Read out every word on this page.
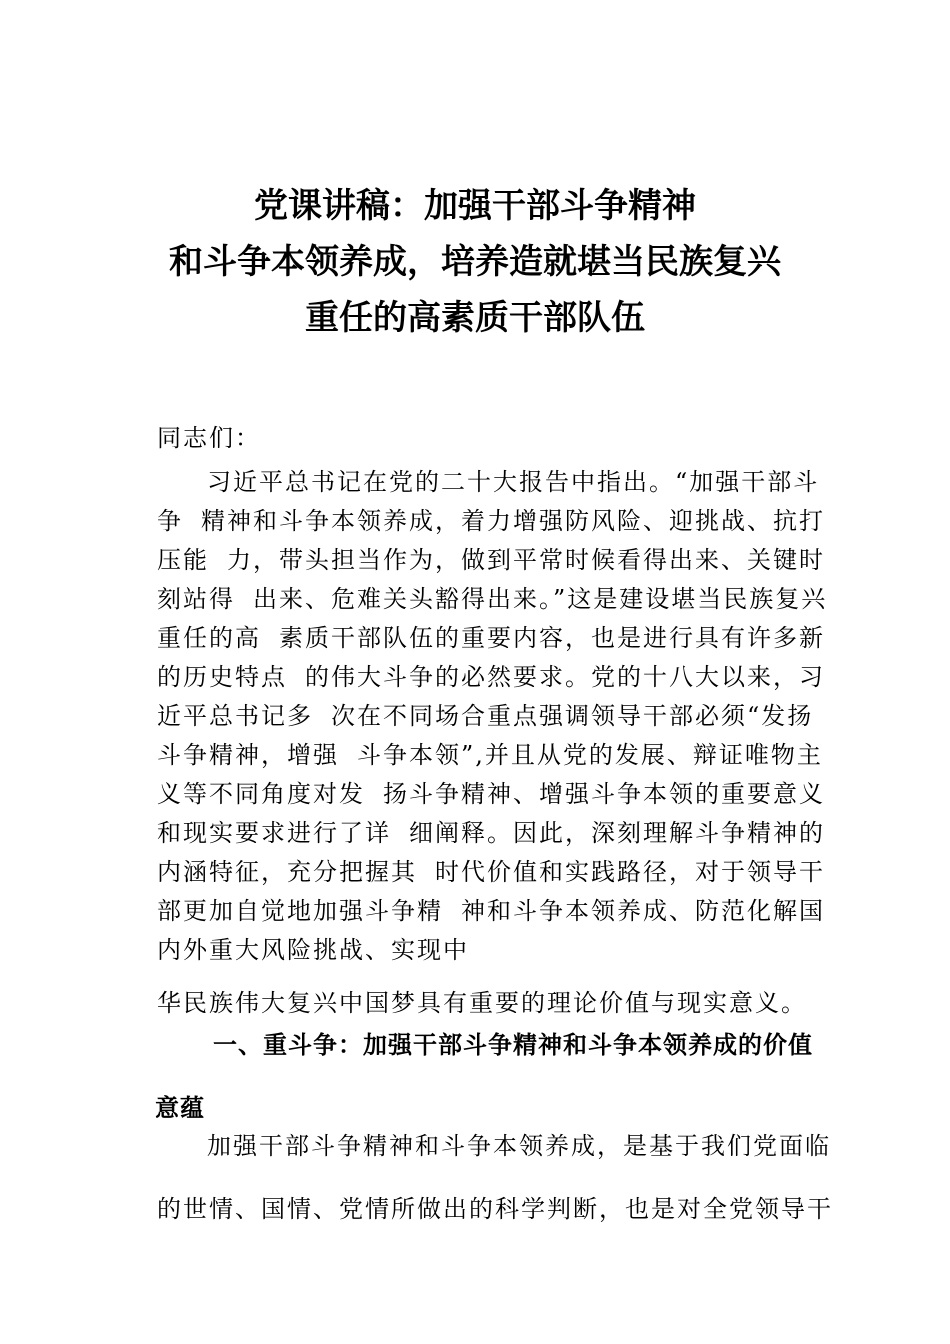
党课讲稿：加强干部斗争精神
和斗争本领养成，培养造就堪当民族复兴
重任的高素质干部队伍
同志们：
习近平总书记在党的二十大报告中指出。“加强干部斗
争 精神和斗争本领养成，着力增强防风险、迎挑战、抗打
压能 力，带头担当作为，做到平常时候看得出来、关键时
刻站得 出来、危难关头豁得出来。”这是建设堪当民族复兴
重任的高 素质干部队伍的重要内容，也是进行具有许多新
的历史特点 的伟大斗争的必然要求。党的十八大以来，习
近平总书记多 次在不同场合重点强调领导干部必须“发扬
斗争精神，增强 斗争本领”,并且从党的发展、辩证唯物主
义等不同角度对发 扬斗争精神、增强斗争本领的重要意义
和现实要求进行了详 细阐释。因此，深刻理解斗争精神的
内涵特征，充分把握其 时代价值和实践路径，对于领导干
部更加自觉地加强斗争精 神和斗争本领养成、防范化解国
内外重大风险挑战、实现中
华民族伟大复兴中国梦具有重要的理论价值与现实意义。
一、重斗争：加强干部斗争精神和斗争本领养成的价值
意蕴
加强干部斗争精神和斗争本领养成，是基于我们党面临
的世情、国情、党情所做出的科学判断，也是对全党领导干
